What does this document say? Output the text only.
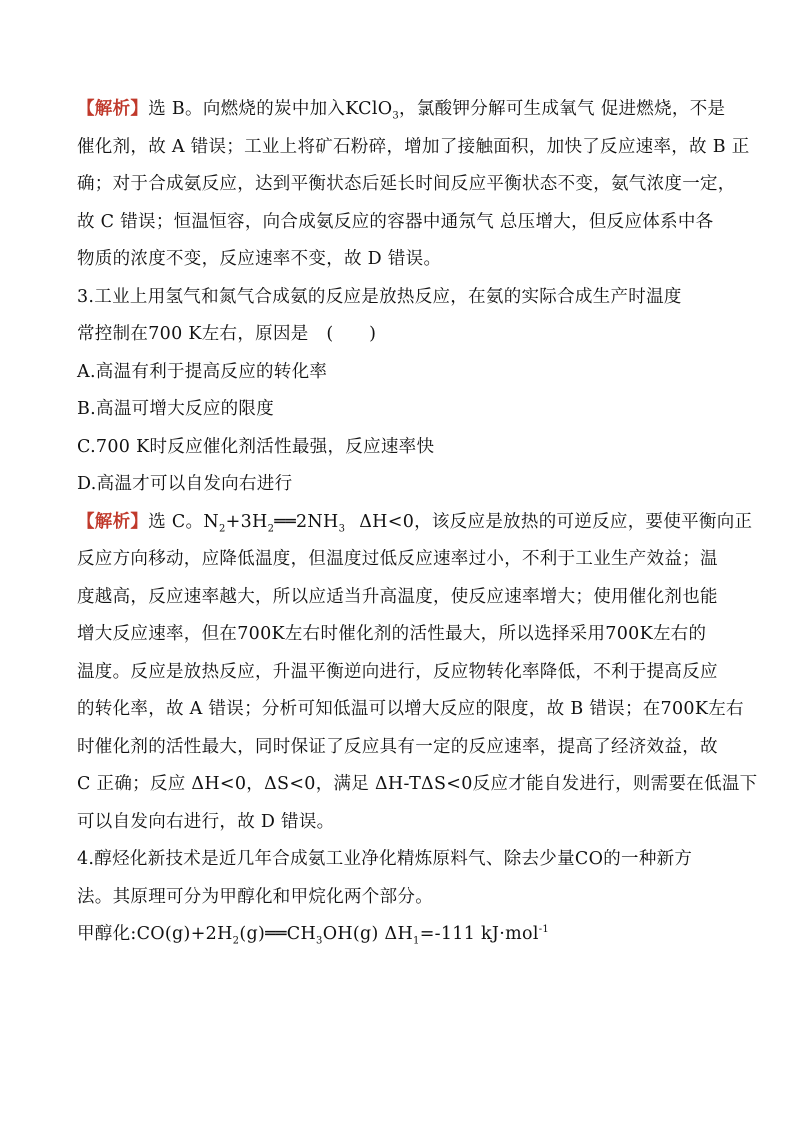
【解析】选 B。向燃烧的炭中加入KClO$_3$，氯酸钾分解可生成氧气 促进燃烧，不是
催化剂，故 A 错误；工业上将矿石粉碎，增加了接触面积，加快了反应速率，故 B 正
确；对于合成氨反应，达到平衡状态后延长时间反应平衡状态不变，氨气浓度一定，
故 C 错误；恒温恒容，向合成氨反应的容器中通氖气 总压增大，但反应体系中各
物质的浓度不变，反应速率不变，故 D 错误。
3.工业上用氢气和氮气合成氨的反应是放热反应，在氨的实际合成生产时温度
常控制在700 K左右，原因是　(　　)
A.高温有利于提高反应的转化率
B.高温可增大反应的限度
C.700 K时反应催化剂活性最强，反应速率快
D.高温才可以自发向右进行
【解析】选 C。$N_2+3H_2══2NH_3$ ΔH<0，该反应是放热的可逆反应，要使平衡向正
反应方向移动，应降低温度，但温度过低反应速率过小，不利于工业生产效益；温
度越高，反应速率越大，所以应适当升高温度，使反应速率增大；使用催化剂也能
增大反应速率，但在700K左右时催化剂的活性最大，所以选择采用700K左右的
温度。反应是放热反应，升温平衡逆向进行，反应物转化率降低，不利于提高反应
的转化率，故 A 错误；分析可知低温可以增大反应的限度，故 B 错误；在700K左右
时催化剂的活性最大，同时保证了反应具有一定的反应速率，提高了经济效益，故
C 正确；反应 ΔH<0，ΔS<0，满足 ΔH-TΔS<0反应才能自发进行，则需要在低温下
可以自发向右进行，故 D 错误。
4.醇烃化新技术是近几年合成氨工业净化精炼原料气、除去少量CO的一种新方
法。其原理可分为甲醇化和甲烷化两个部分。
甲醇化$:CO(g)+2H_2(g)══CH_3OH(g)$ $\Delta H_1=-111$ kJ·mol$^{-1}$
